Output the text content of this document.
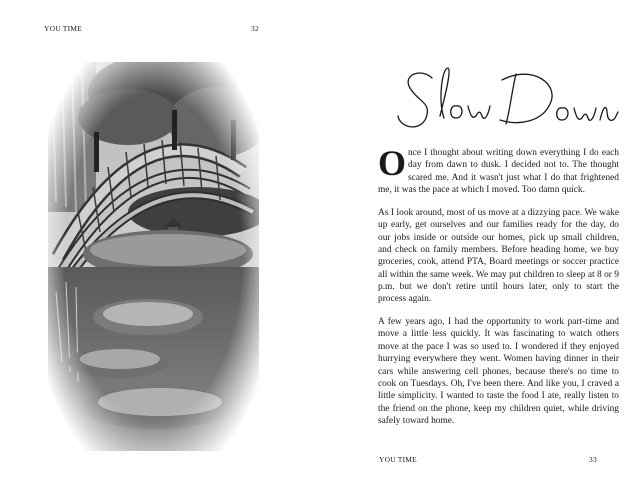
YOU TIME	32

Once I thought about writing down everything I do each day from dawn to dusk. I decided not to. The thought scared me. And it wasn't just what I do that frightened me, it was the pace at which I moved. Too damn quick.

As I look around, most of us move at a dizzying pace. We wake up early, get ourselves and our families ready for the day, do our jobs inside or outside our homes, pick up small children, and check on family members. Before heading home, we buy groceries, cook, attend PTA, Board meetings or soccer practice all within the same week. We may put children to sleep at 8 or 9 p.m. but we don't retire until hours later, only to start the process again.

A few years ago, I had the opportunity to work part-time and move a little less quickly. It was fascinating to watch others move at the pace I was so used to. I wondered if they enjoyed hurrying everywhere they went. Women having dinner in their cars while answering cell phones, because there's no time to cook on Tuesdays. Oh, I've been there. And like you, I craved a little simplicity. I wanted to taste the food I ate, really listen to the friend on the phone, keep my children quiet, while driving safely toward home.

YOU TIME	33
